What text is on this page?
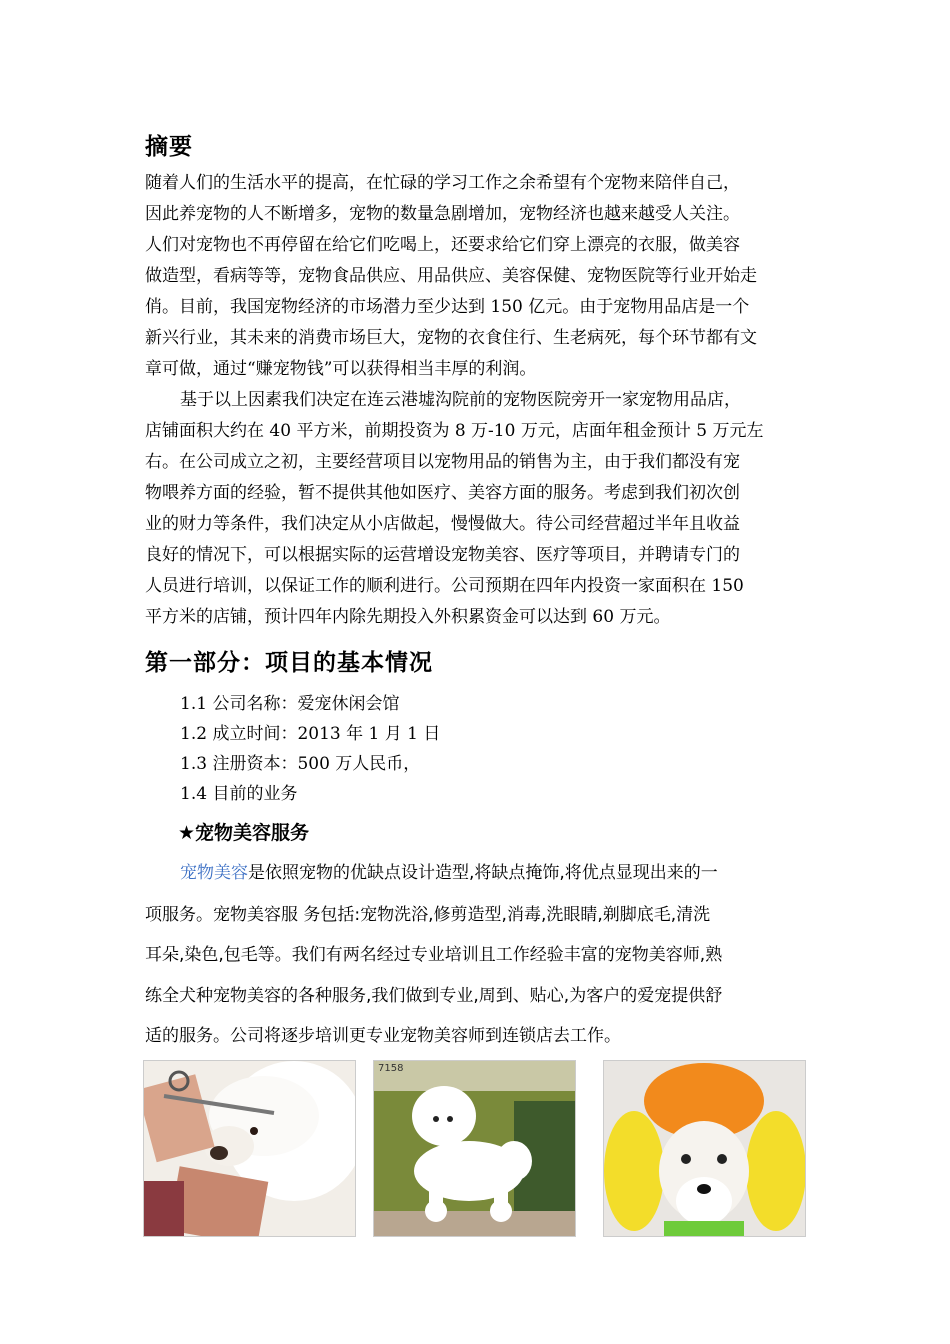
摘要
随着人们的生活水平的提高，在忙碌的学习工作之余希望有个宠物来陪伴自己，
因此养宠物的人不断增多，宠物的数量急剧增加，宠物经济也越来越受人关注。
人们对宠物也不再停留在给它们吃喝上，还要求给它们穿上漂亮的衣服，做美容
做造型，看病等等，宠物食品供应、用品供应、美容保健、宠物医院等行业开始走
俏。目前，我国宠物经济的市场潜力至少达到 150 亿元。由于宠物用品店是一个
新兴行业，其未来的消费市场巨大，宠物的衣食住行、生老病死，每个环节都有文
章可做，通过“赚宠物钱”可以获得相当丰厚的利润。
基于以上因素我们决定在连云港墟沟院前的宠物医院旁开一家宠物用品店，
店铺面积大约在 40 平方米，前期投资为 8 万-10 万元，店面年租金预计 5 万元左
右。在公司成立之初，主要经营项目以宠物用品的销售为主，由于我们都没有宠
物喂养方面的经验，暂不提供其他如医疗、美容方面的服务。考虑到我们初次创
业的财力等条件，我们决定从小店做起，慢慢做大。待公司经营超过半年且收益
良好的情况下，可以根据实际的运营增设宠物美容、医疗等项目，并聘请专门的
人员进行培训，以保证工作的顺利进行。公司预期在四年内投资一家面积在 150
平方米的店铺，预计四年内除先期投入外积累资金可以达到 60 万元。
第一部分：项目的基本情况
1.1 公司名称：爱宠休闲会馆
1.2 成立时间：2013 年 1 月 1 日
1.3 注册资本：500 万人民币，
1.4 目前的业务
★宠物美容服务
宠物美容是依照宠物的优缺点设计造型,将缺点掩饰,将优点显现出来的一
项服务。宠物美容服 务包括:宠物洗浴,修剪造型,消毒,洗眼睛,剃脚底毛,清洗
耳朵,染色,包毛等。我们有两名经过专业培训且工作经验丰富的宠物美容师,熟
练全犬种宠物美容的各种服务,我们做到专业,周到、贴心,为客户的爱宠提供舒
适的服务。公司将逐步培训更专业宠物美容师到连锁店去工作。
7158
